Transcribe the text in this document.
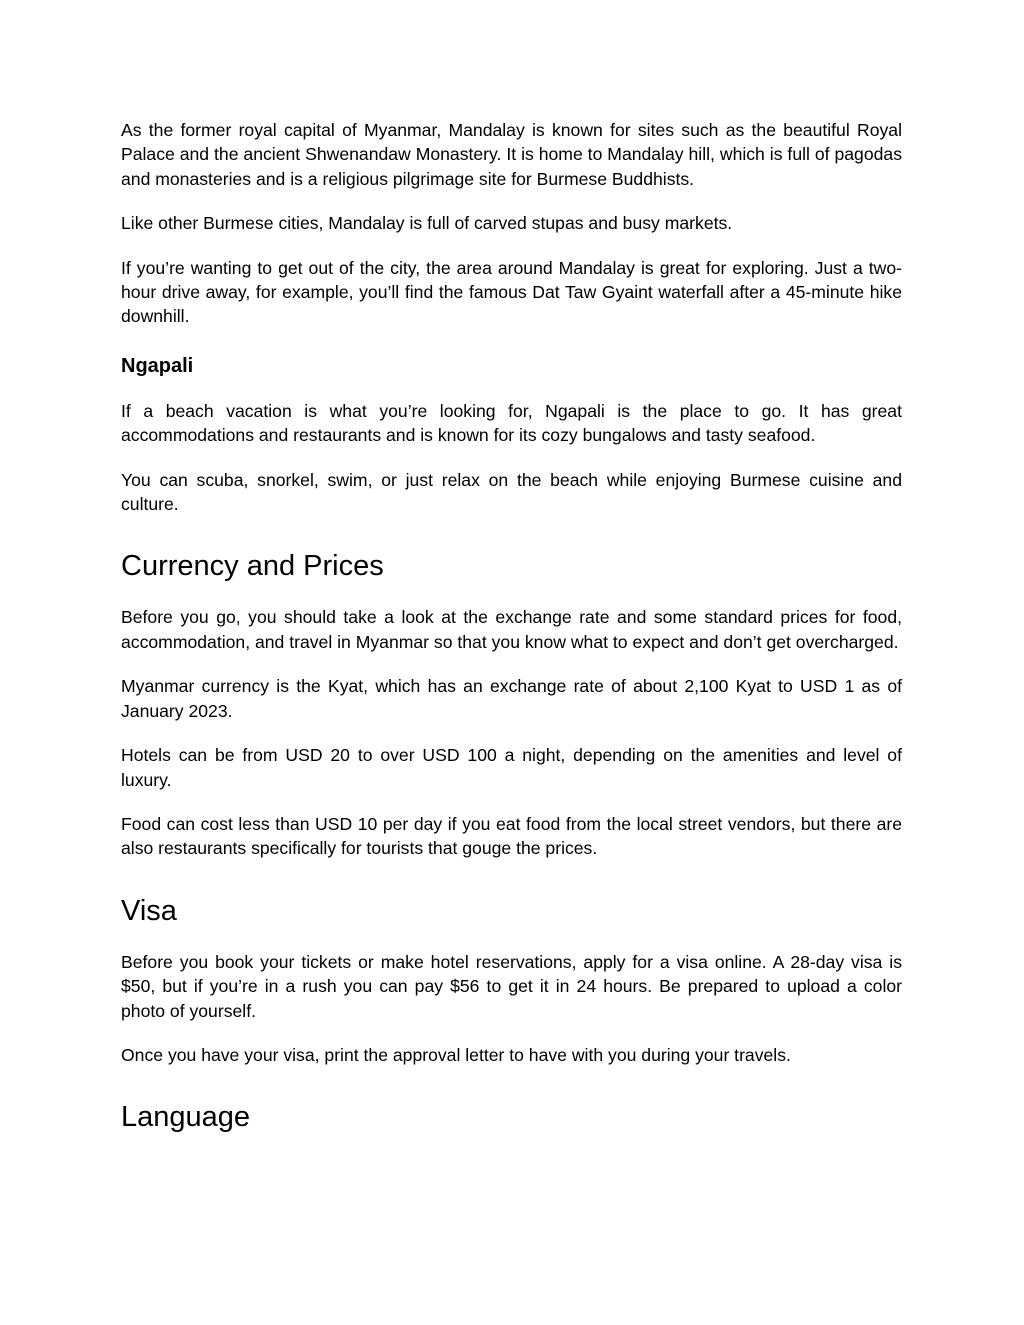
As the former royal capital of Myanmar, Mandalay is known for sites such as the beautiful Royal Palace and the ancient Shwenandaw Monastery. It is home to Mandalay hill, which is full of pagodas and monasteries and is a religious pilgrimage site for Burmese Buddhists.

Like other Burmese cities, Mandalay is full of carved stupas and busy markets.

If you’re wanting to get out of the city, the area around Mandalay is great for exploring. Just a two-hour drive away, for example, you’ll find the famous Dat Taw Gyaint waterfall after a 45-minute hike downhill.

Ngapali

If a beach vacation is what you’re looking for, Ngapali is the place to go. It has great accommodations and restaurants and is known for its cozy bungalows and tasty seafood.

You can scuba, snorkel, swim, or just relax on the beach while enjoying Burmese cuisine and culture.

Currency and Prices

Before you go, you should take a look at the exchange rate and some standard prices for food, accommodation, and travel in Myanmar so that you know what to expect and don’t get overcharged.

Myanmar currency is the Kyat, which has an exchange rate of about 2,100 Kyat to USD 1 as of January 2023.

Hotels can be from USD 20 to over USD 100 a night, depending on the amenities and level of luxury.

Food can cost less than USD 10 per day if you eat food from the local street vendors, but there are also restaurants specifically for tourists that gouge the prices.

Visa

Before you book your tickets or make hotel reservations, apply for a visa online. A 28-day visa is $50, but if you’re in a rush you can pay $56 to get it in 24 hours. Be prepared to upload a color photo of yourself.

Once you have your visa, print the approval letter to have with you during your travels.

Language
